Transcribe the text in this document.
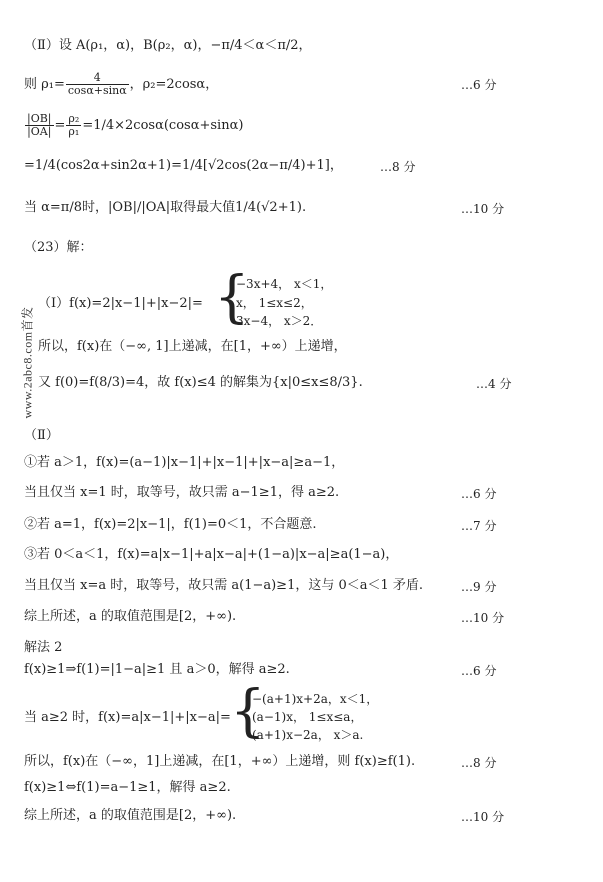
www.2abc8.com首发
（Ⅱ）设 A(ρ₁，α)，B(ρ₂，α)，−π/4＜α＜π/2，
则 $\rho_1= \frac{4}{\cos\alpha+\sin\alpha}$ ，ρ₂=2cosα，	…6 分
$\frac{|OB|}{|OA|} = \frac{\text{ρ₂}}{\text{ρ₁}} =1/4\times 2\cos\alpha(\cos\alpha+\sin\alpha)$
=1/4(cos2α+sin2α+1)=1/4[√2cos(2α−π/4)+1]，	…8 分
当 α=π/8时，|OB|/|OA|取得最大值1/4(√2+1).	…10 分
（23）解：
（Ⅰ）f(x)=2|x−1|+|x−2|= {
−3x+4， x＜1，
x， 1≤x≤2，
3x−4， x＞2．
所以，f(x)在（−∞, 1]上递减，在[1，+∞）上递增，
又 f(0)=f(8/3)=4，故 f(x)≤4 的解集为{x|0≤x≤8/3}.	…4 分
（Ⅱ）
①若 a＞1，f(x)=(a−1)|x−1|+|x−1|+|x−a|≥a−1，
当且仅当 x=1 时，取等号，故只需 a−1≥1，得 a≥2.	…6 分
②若 a=1，f(x)=2|x−1|，f(1)=0＜1，不合题意.	…7 分
③若 0＜a＜1，f(x)=a|x−1|+a|x−a|+(1−a)|x−a|≥a(1−a)，
当且仅当 x=a 时，取等号，故只需 a(1−a)≥1，这与 0＜a＜1 矛盾.	…9 分
综上所述，a 的取值范围是[2，+∞).	…10 分
解法 2
f(x)≥1⇒f(1)=|1−a|≥1 且 a＞0，解得 a≥2.	…6 分
当 a≥2 时，f(x)=a|x−1|+|x−a|= {
−(a+1)x+2a，x＜1，
(a−1)x， 1≤x≤a，
(a+1)x−2a， x＞a.
所以，f(x)在（−∞，1]上递减，在[1，+∞）上递增，则 f(x)≥f(1).	…8 分
f(x)≥1⇔f(1)=a−1≥1，解得 a≥2.
综上所述，a 的取值范围是[2，+∞).	…10 分
